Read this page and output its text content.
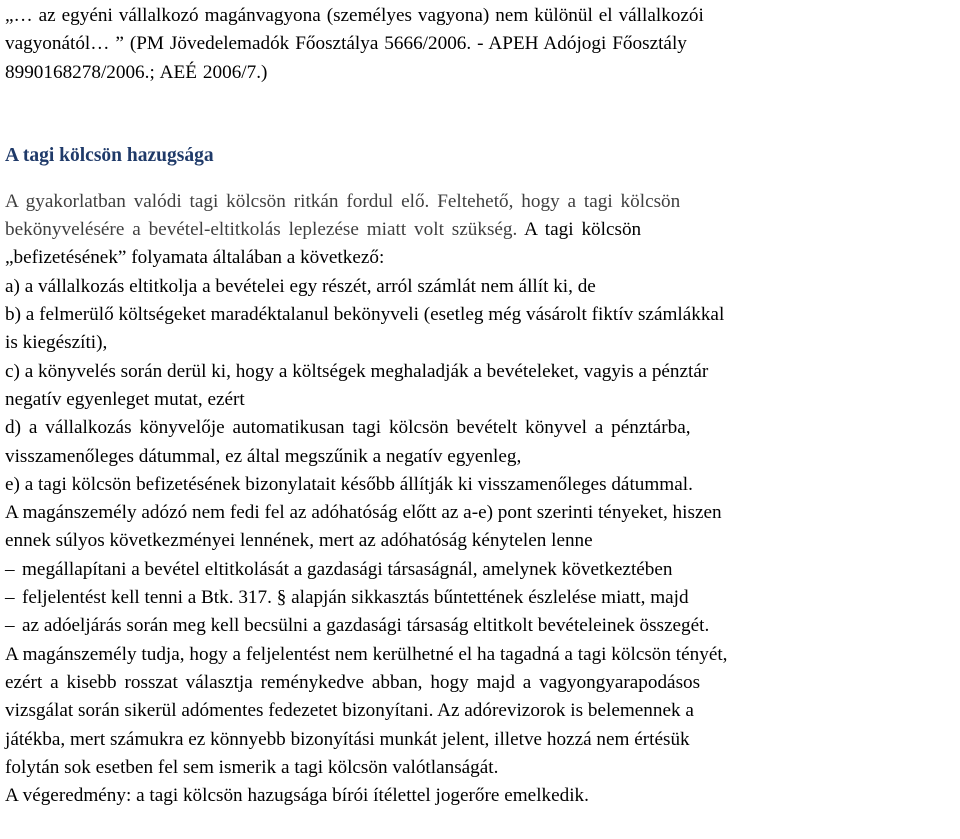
„… az egyéni vállalkozó magánvagyona (személyes vagyona) nem különül el vállalkozói
vagyonától… ” (PM Jövedelemadók Főosztálya 5666/2006. - APEH Adójogi Főosztály
8990168278/2006.; AEÉ 2006/7.)
A tagi kölcsön hazugsága
A gyakorlatban valódi tagi kölcsön ritkán fordul elő. Feltehető, hogy a tagi kölcsön
bekönyvelésére a bevétel-eltitkolás leplezése miatt volt szükség. A tagi kölcsön
„befizetésének” folyamata általában a következő:
a) a vállalkozás eltitkolja a bevételei egy részét, arról számlát nem állít ki, de
b) a felmerülő költségeket maradéktalanul bekönyveli (esetleg még vásárolt fiktív számlákkal
is kiegészíti),
c) a könyvelés során derül ki, hogy a költségek meghaladják a bevételeket, vagyis a pénztár
negatív egyenleget mutat, ezért
d) a vállalkozás könyvelője automatikusan tagi kölcsön bevételt könyvel a pénztárba,
visszamenőleges dátummal, ez által megszűnik a negatív egyenleg,
e) a tagi kölcsön befizetésének bizonylatait később állítják ki visszamenőleges dátummal.
A magánszemély adózó nem fedi fel az adóhatóság előtt az a-e) pont szerinti tényeket, hiszen
ennek súlyos következményei lennének, mert az adóhatóság kénytelen lenne
– megállapítani a bevétel eltitkolását a gazdasági társaságnál, amelynek következtében
– feljelentést kell tenni a Btk. 317. § alapján sikkasztás bűntettének észlelése miatt, majd
– az adóeljárás során meg kell becsülni a gazdasági társaság eltitkolt bevételeinek összegét.
A magánszemély tudja, hogy a feljelentést nem kerülhetné el ha tagadná a tagi kölcsön tényét,
ezért a kisebb rosszat választja reménykedve abban, hogy majd a vagyongyarapodásos
vizsgálat során sikerül adómentes fedezetet bizonyítani. Az adórevizorok is belemennek a
játékba, mert számukra ez könnyebb bizonyítási munkát jelent, illetve hozzá nem értésük
folytán sok esetben fel sem ismerik a tagi kölcsön valótlanságát.
A végeredmény: a tagi kölcsön hazugsága bírói ítélettel jogerőre emelkedik.
